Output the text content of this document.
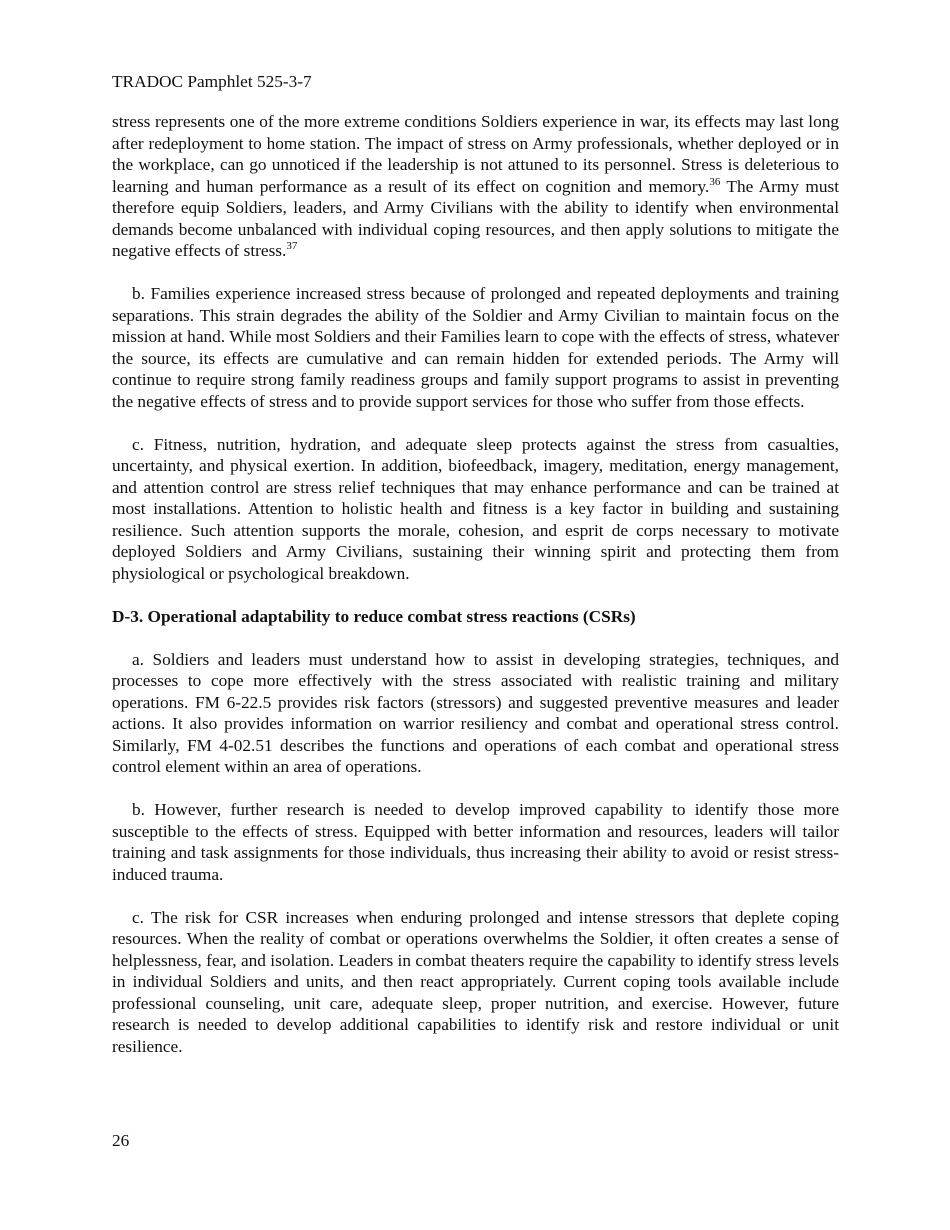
TRADOC Pamphlet 525-3-7

stress represents one of the more extreme conditions Soldiers experience in war, its effects may last long after redeployment to home station. The impact of stress on Army professionals, whether deployed or in the workplace, can go unnoticed if the leadership is not attuned to its personnel. Stress is deleterious to learning and human performance as a result of its effect on cognition and memory.$^{36}$ The Army must therefore equip Soldiers, leaders, and Army Civilians with the ability to identify when environmental demands become unbalanced with individual coping resources, and then apply solutions to mitigate the negative effects of stress.$^{37}$

b. Families experience increased stress because of prolonged and repeated deployments and training separations. This strain degrades the ability of the Soldier and Army Civilian to maintain focus on the mission at hand. While most Soldiers and their Families learn to cope with the effects of stress, whatever the source, its effects are cumulative and can remain hidden for extended periods. The Army will continue to require strong family readiness groups and family support programs to assist in preventing the negative effects of stress and to provide support services for those who suffer from those effects.

c. Fitness, nutrition, hydration, and adequate sleep protects against the stress from casualties, uncertainty, and physical exertion. In addition, biofeedback, imagery, meditation, energy management, and attention control are stress relief techniques that may enhance performance and can be trained at most installations. Attention to holistic health and fitness is a key factor in building and sustaining resilience. Such attention supports the morale, cohesion, and esprit de corps necessary to motivate deployed Soldiers and Army Civilians, sustaining their winning spirit and protecting them from physiological or psychological breakdown.

D-3. Operational adaptability to reduce combat stress reactions (CSRs)

a. Soldiers and leaders must understand how to assist in developing strategies, techniques, and processes to cope more effectively with the stress associated with realistic training and military operations. FM 6-22.5 provides risk factors (stressors) and suggested preventive measures and leader actions. It also provides information on warrior resiliency and combat and operational stress control. Similarly, FM 4-02.51 describes the functions and operations of each combat and operational stress control element within an area of operations.

b. However, further research is needed to develop improved capability to identify those more susceptible to the effects of stress. Equipped with better information and resources, leaders will tailor training and task assignments for those individuals, thus increasing their ability to avoid or resist stress-induced trauma.

c. The risk for CSR increases when enduring prolonged and intense stressors that deplete coping resources. When the reality of combat or operations overwhelms the Soldier, it often creates a sense of helplessness, fear, and isolation. Leaders in combat theaters require the capability to identify stress levels in individual Soldiers and units, and then react appropriately. Current coping tools available include professional counseling, unit care, adequate sleep, proper nutrition, and exercise. However, future research is needed to develop additional capabilities to identify risk and restore individual or unit resilience.

26
